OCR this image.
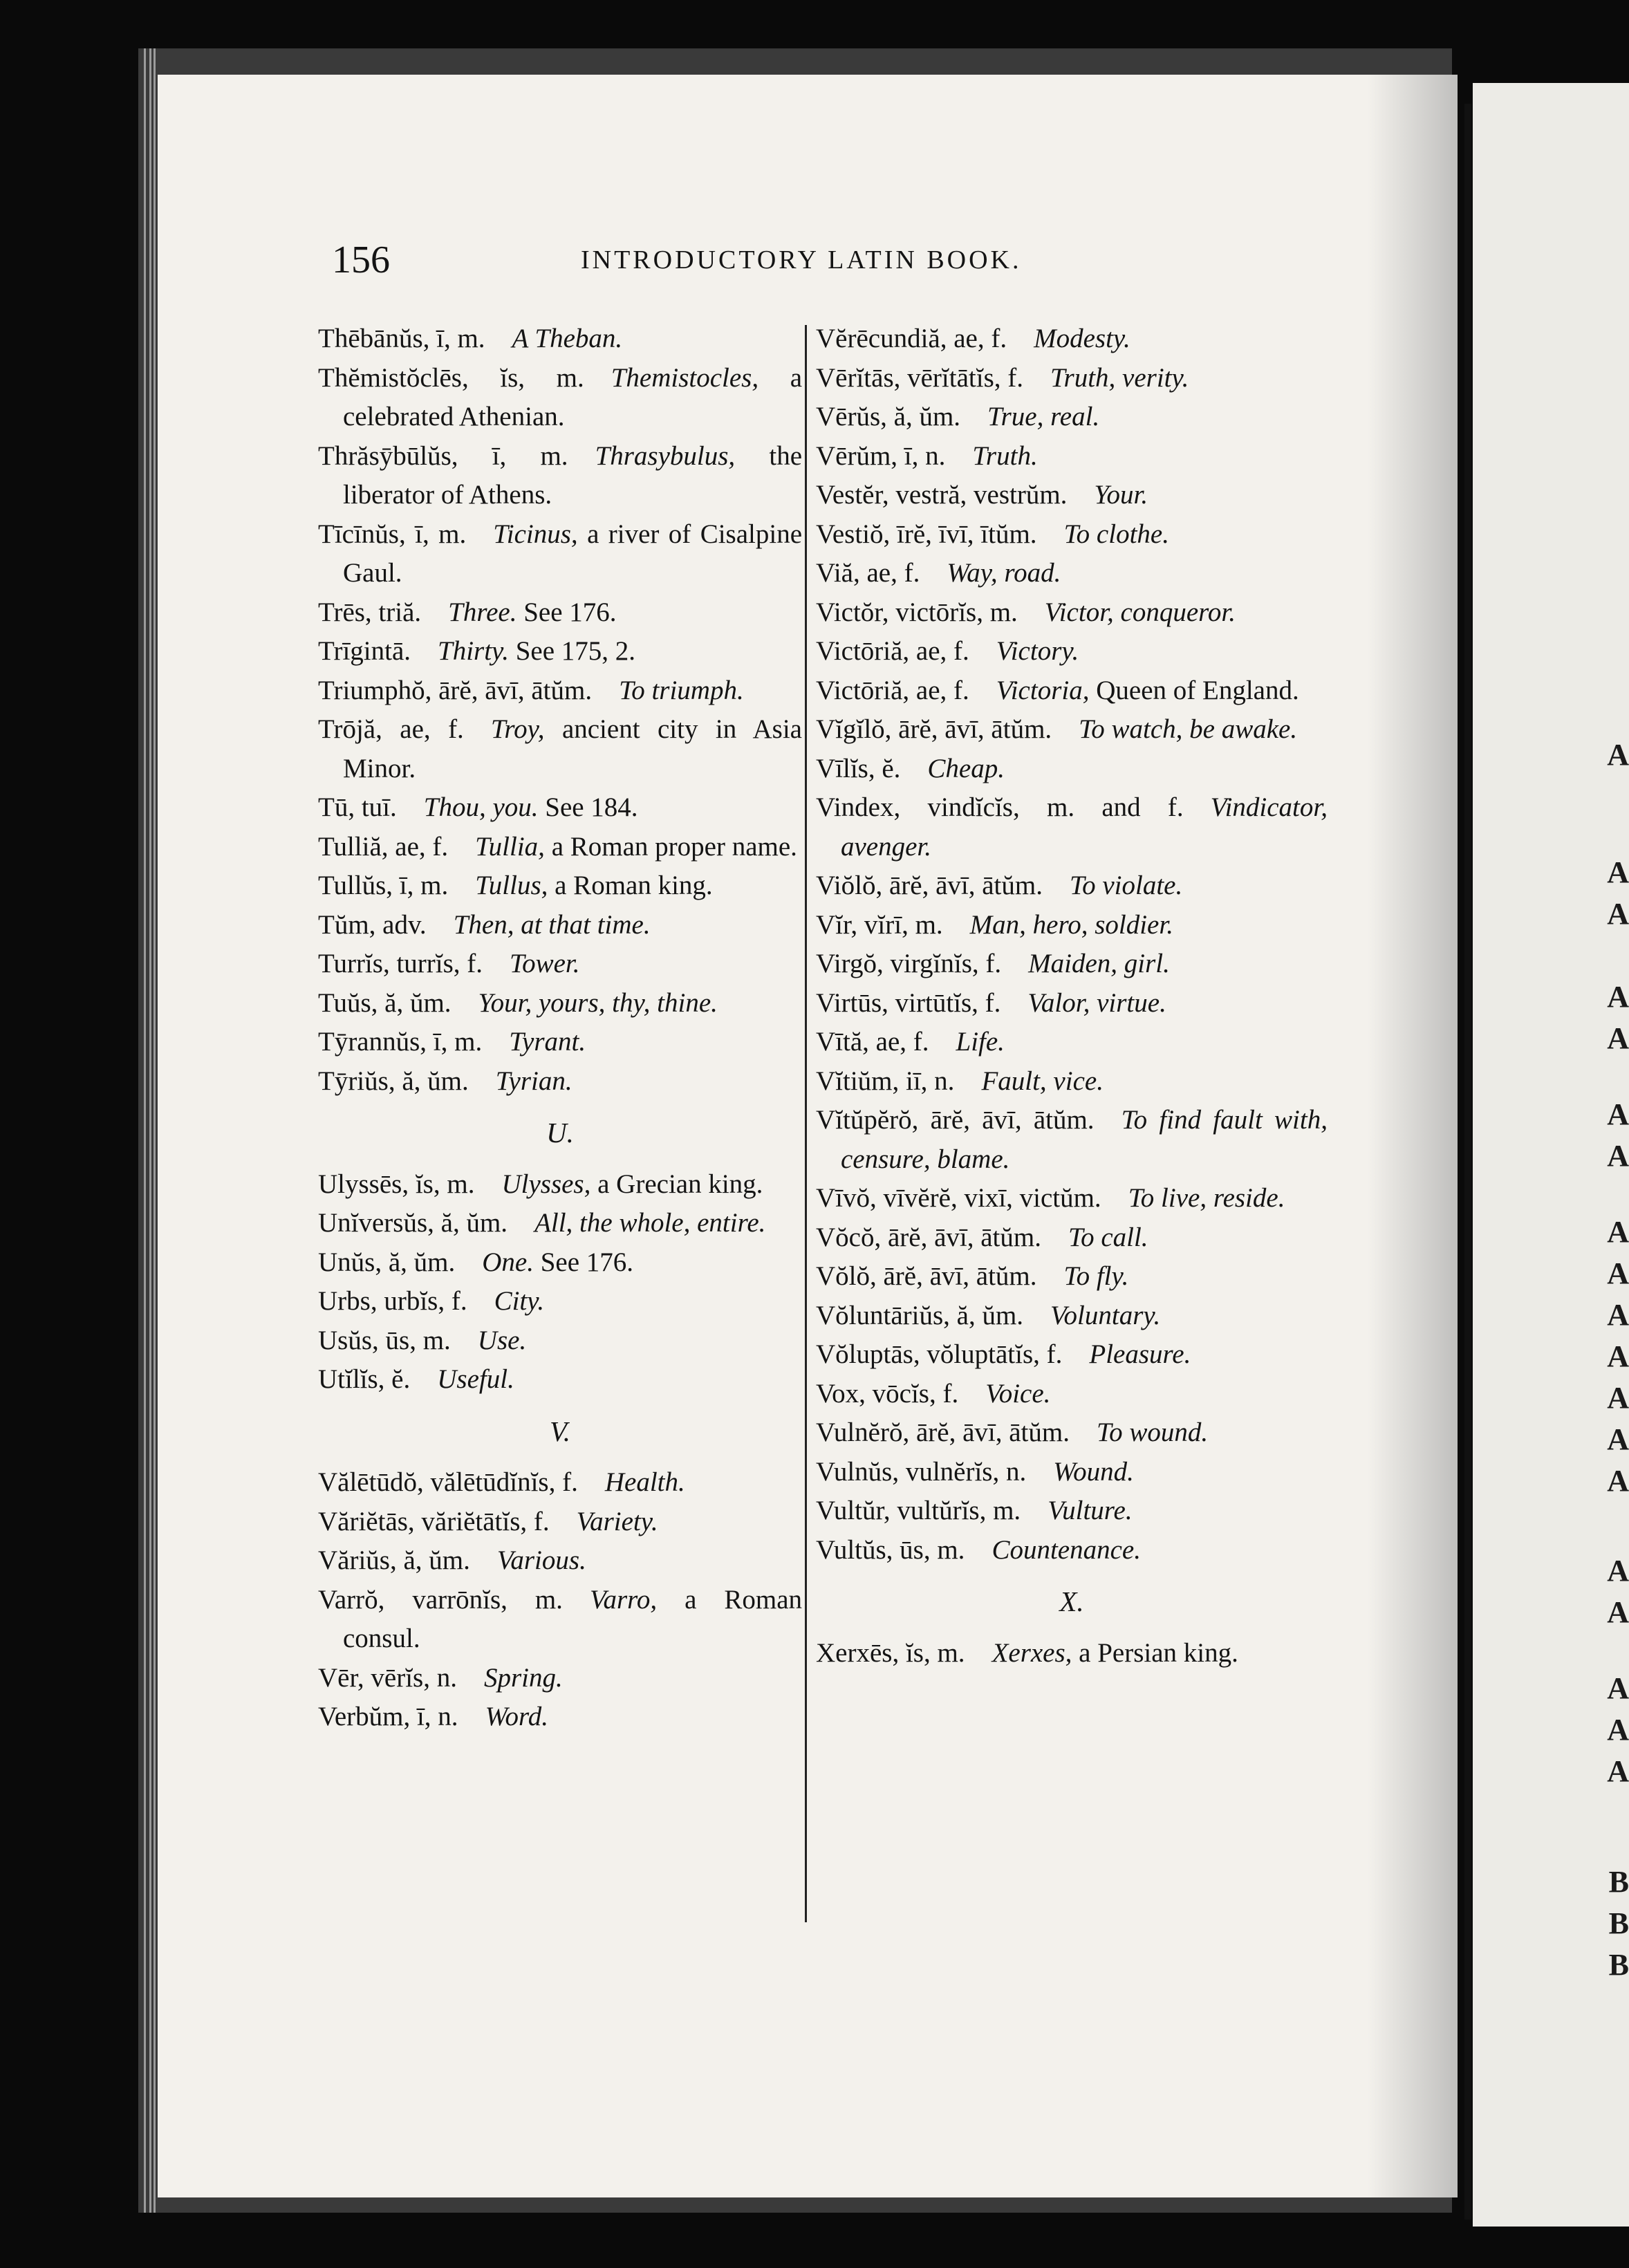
A
A
A
A
A
A
A
A
A
A
A
A
A
A
A
A
A
A
A
B
B
B
156	INTRODUCTORY LATIN BOOK.

Thēbānŭs, ī, m.  A Theban.

Thĕmistŏclēs, ĭs, m.  Themistocles, a celebrated Athenian.

Thrăsȳbūlŭs, ī, m.  Thrasybulus, the liberator of Athens.

Tīcīnŭs, ī, m.  Ticinus, a river of Cisalpine Gaul.

Trēs, triă.  Three. See 176.

Trīgintā.  Thirty. See 175, 2.

Triumphŏ, ārĕ, āvī, ātŭm.  To triumph.

Trōjă, ae, f.  Troy, ancient city in Asia Minor.

Tū, tuī.  Thou, you. See 184.

Tulliă, ae, f.  Tullia, a Roman proper name.

Tullŭs, ī, m.  Tullus, a Roman king.

Tŭm, adv.  Then, at that time.

Turrĭs, turrĭs, f.  Tower.

Tuŭs, ă, ŭm.  Your, yours, thy, thine.

Tȳrannŭs, ī, m.  Tyrant.

Tȳriŭs, ă, ŭm.  Tyrian.

U.

Ulyssēs, ĭs, m.  Ulysses, a Grecian king.

Unĭversŭs, ă, ŭm.  All, the whole, entire.

Unŭs, ă, ŭm.  One. See 176.

Urbs, urbĭs, f.  City.

Usŭs, ūs, m.  Use.

Utĭlĭs, ĕ.  Useful.

V.

Vălētūdŏ, vălētūdĭnĭs, f.  Health.

Văriĕtās, văriĕtātĭs, f.  Variety.

Văriŭs, ă, ŭm.  Various.

Varrŏ, varrōnĭs, m.  Varro, a Roman consul.

Vēr, vērĭs, n.  Spring.

Verbŭm, ī, n.  Word.

Vĕrēcundiă, ae, f.  Modesty.

Vērĭtās, vērĭtātĭs, f.  Truth, verity.

Vērŭs, ă, ŭm.  True, real.

Vērŭm, ī, n.  Truth.

Vestĕr, vestră, vestrŭm.  Your.

Vestiŏ, īrĕ, īvī, ītŭm.  To clothe.

Viă, ae, f.  Way, road.

Victŏr, victōrĭs, m.  Victor, conqueror.

Victōriă, ae, f.  Victory.

Victōriă, ae, f.  Victoria, Queen of England.

Vĭgĭlŏ, ārĕ, āvī, ātŭm.  To watch, be awake.

Vīlĭs, ĕ.  Cheap.

Vindex, vindĭcĭs, m. and f.  Vindicator, avenger.

Viŏlŏ, ārĕ, āvī, ātŭm.  To violate.

Vĭr, vĭrī, m.  Man, hero, soldier.

Virgŏ, virgĭnĭs, f.  Maiden, girl.

Virtūs, virtūtĭs, f.  Valor, virtue.

Vītă, ae, f.  Life.

Vĭtiŭm, iī, n.  Fault, vice.

Vĭtŭpĕrŏ, ārĕ, āvī, ātŭm.  To find fault with, censure, blame.

Vīvŏ, vīvĕrĕ, vixī, victŭm.  To live, reside.

Vŏcŏ, ārĕ, āvī, ātŭm.  To call.

Vŏlŏ, ārĕ, āvī, ātŭm.  To fly.

Vŏluntāriŭs, ă, ŭm.  Voluntary.

Vŏluptās, vŏluptātĭs, f.  Pleasure.

Vox, vōcĭs, f.  Voice.

Vulnĕrŏ, ārĕ, āvī, ātŭm.  To wound.

Vulnŭs, vulnĕrĭs, n.  Wound.

Vultŭr, vultŭrĭs, m.  Vulture.

Vultŭs, ūs, m.  Countenance.

X.

Xerxēs, ĭs, m.  Xerxes, a Persian king.
